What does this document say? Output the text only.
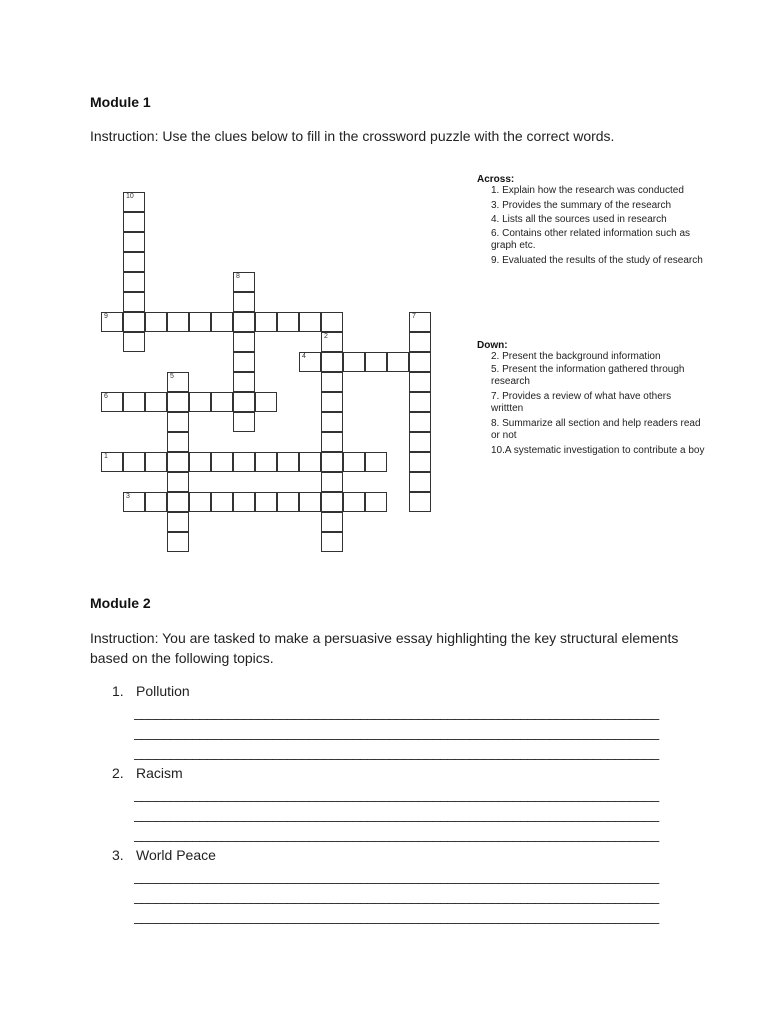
Module 1
Instruction: Use the clues below to fill in the crossword puzzle with the correct words.
10
8
7
2
5
9
4
6
1
3
Across:
1. Explain how the research was conducted
3. Provides the summary of the research
4. Lists all the sources used in research
6. Contains other related information such as graph etc.
9. Evaluated the results of the study of research
Down:
2. Present the background information
5. Present the information gathered through research
7. Provides a review of what have others writtten
8. Summarize all section and help readers read or not
10.A systematic investigation to contribute a boy
Module 2
Instruction: You are tasked to make a persuasive essay highlighting the key structural elements based on the following topics.
1. Pollution
________________________________________________________________________
________________________________________________________________________
________________________________________________________________________
2. Racism
________________________________________________________________________
________________________________________________________________________
________________________________________________________________________
3. World Peace
________________________________________________________________________
________________________________________________________________________
________________________________________________________________________
